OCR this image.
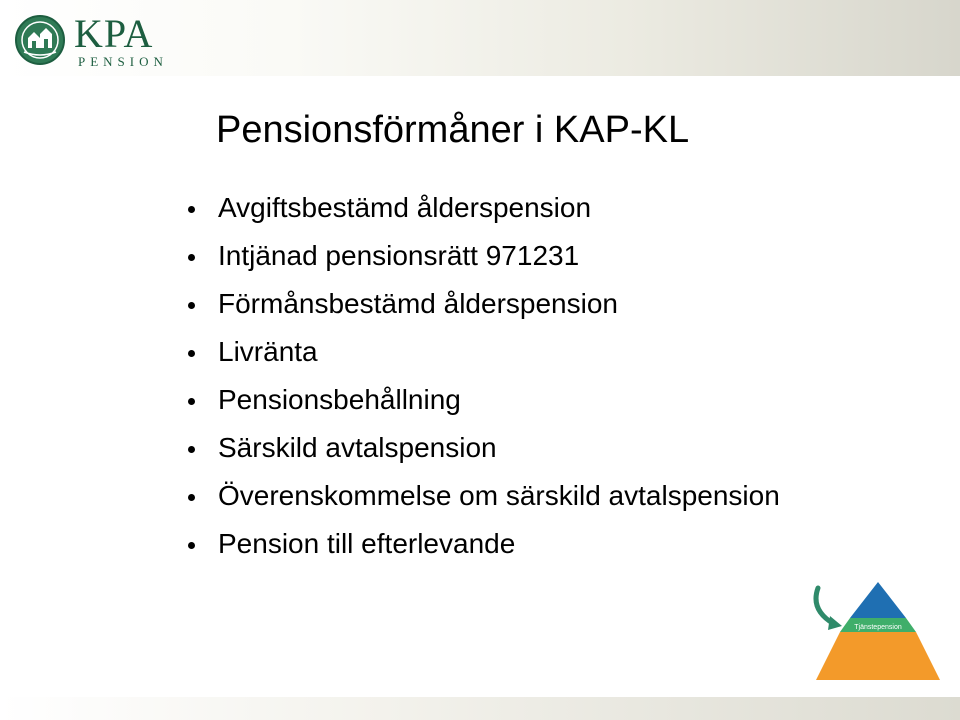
KPA
PENSION
Pensionsförmåner i KAP-KL
Avgiftsbestämd ålderspension
Intjänad pensionsrätt 971231
Förmånsbestämd ålderspension
Livränta
Pensionsbehållning
Särskild avtalspension
Överenskommelse om särskild avtalspension
Pension till efterlevande
Tjänstepension
